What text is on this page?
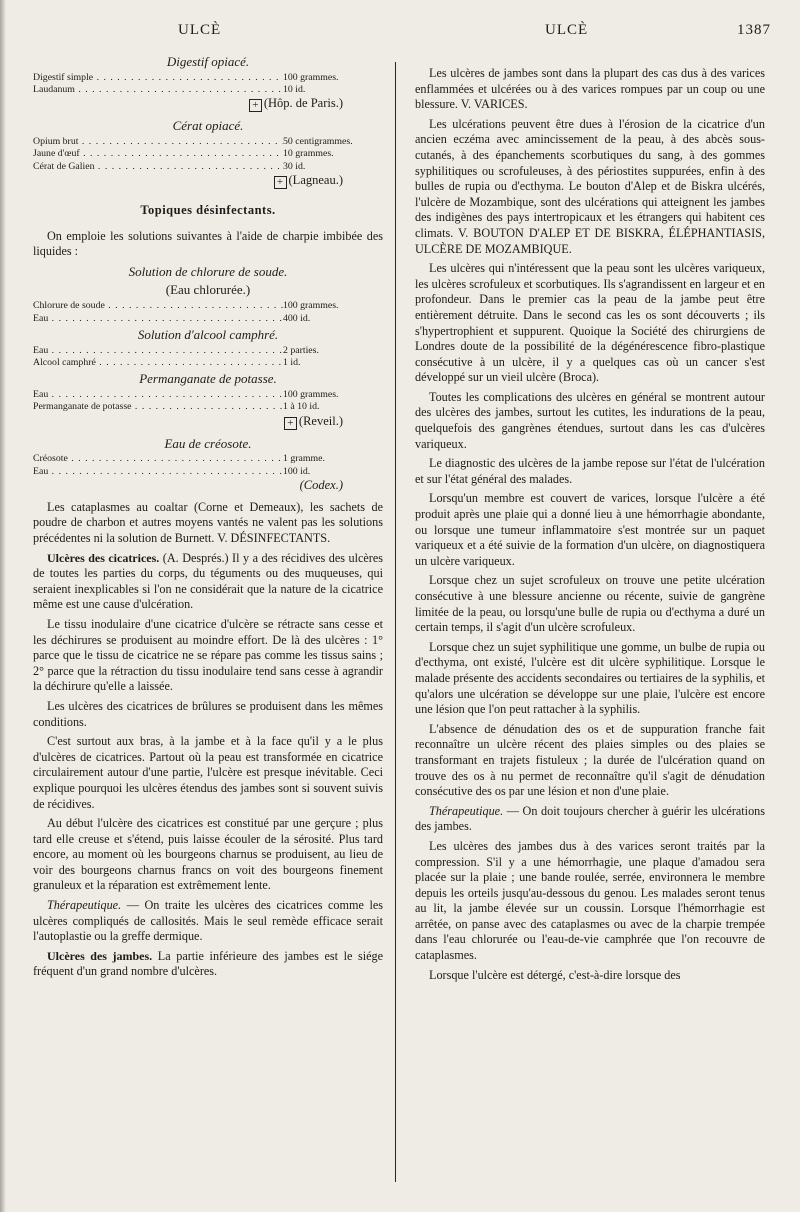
ULCÈ	ULCÈ	1387
Digestif opiacé.
Digestif simple . . .	100 grammes.
Laudanum . . .	10 id.
+ (Hôp. de Paris.)
Cérat opiacé.
Opium brut . . .	50 centigrammes.
Jaune d'œuf . . .	10 grammes.
Cérat de Galien . . .	30 id.
+ (Lagneau.)
Topiques désinfectants.

On emploie les solutions suivantes à l'aide de charpie imbibée des liquides :

Solution de chlorure de soude.
(Eau chlorurée.)
Chlorure de soude . . .	100 grammes.
Eau . . .	400 id.
Solution d'alcool camphré.
Eau . . .	2 parties.
Alcool camphré . . .	1 id.
Permanganate de potasse.
Eau . . .	100 grammes.
Permanganate de potasse . . .	1 à 10 id.
+ (Reveil.)
Eau de créosote.
Créosote . . .	1 gramme.
Eau . . .	100 id.
(Codex.)

Les cataplasmes au coaltar (Corne et Demeaux), les sachets de poudre de charbon et autres moyens vantés ne valent pas les solutions précédentes ni la solution de Burnett. V. DÉSINFECTANTS.

Ulcères des cicatrices. (A. Després.) Il y a des récidives des ulcères de toutes les parties du corps, du téguments ou des muqueuses, qui seraient inexplicables si l'on ne considérait que la nature de la cicatrice même est une cause d'ulcération.

Le tissu inodulaire d'une cicatrice d'ulcère se rétracte sans cesse et les déchirures se produisent au moindre effort. De là des ulcères : 1° parce que le tissu de cicatrice ne se répare pas comme les tissus sains ; 2° parce que la rétraction du tissu inodulaire tend sans cesse à agrandir la déchirure qu'elle a laissée.

Les ulcères des cicatrices de brûlures se produisent dans les mêmes conditions.

C'est surtout aux bras, à la jambe et à la face qu'il y a le plus d'ulcères de cicatrices. Partout où la peau est transformée en cicatrice circulairement autour d'une partie, l'ulcère est presque inévitable. Ceci explique pourquoi les ulcères étendus des jambes sont si souvent suivis de récidives.

Au début l'ulcère des cicatrices est constitué par une gerçure ; plus tard elle creuse et s'étend, puis laisse écouler de la sérosité. Plus tard encore, au moment où les bourgeons charnus se produisent, au lieu de voir des bourgeons charnus francs on voit des bourgeons finement granuleux et la réparation est extrêmement lente.

Thérapeutique. — On traite les ulcères des cicatrices comme les ulcères compliqués de callosités. Mais le seul remède efficace serait l'autoplastie ou la greffe dermique.

Ulcères des jambes. La partie inférieure des jambes est le siége fréquent d'un grand nombre d'ulcères.

Les ulcères de jambes sont dans la plupart des cas dus à des varices enflammées et ulcérées ou à des varices rompues par un coup ou une blessure. V. VARICES.

Les ulcérations peuvent être dues à l'érosion de la cicatrice d'un ancien eczéma avec amincissement de la peau, à des abcès sous-cutanés, à des épanchements scorbutiques du sang, à des gommes syphilitiques ou scrofuleuses, à des périostites suppurées, enfin à des bulles de rupia ou d'ecthyma. Le bouton d'Alep et de Biskra ulcérés, l'ulcère de Mozambique, sont des ulcérations qui atteignent les jambes des indigènes des pays intertropicaux et les étrangers qui habitent ces climats. V. BOUTON D'ALEP ET DE BISKRA, ÉLÉPHANTIASIS, ULCÈRE DE MOZAMBIQUE.

Les ulcères qui n'intéressent que la peau sont les ulcères variqueux, les ulcères scrofuleux et scorbutiques. Ils s'agrandissent en largeur et en profondeur. Dans le premier cas la peau de la jambe peut être entièrement détruite. Dans le second cas les os sont découverts ; ils s'hypertrophient et suppurent. Quoique la Société des chirurgiens de Londres doute de la possibilité de la dégénérescence fibro-plastique consécutive à un ulcère, il y a quelques cas où un cancer s'est développé sur un vieil ulcère (Broca).

Toutes les complications des ulcères en général se montrent autour des ulcères des jambes, surtout les cutites, les indurations de la peau, quelquefois des gangrènes étendues, surtout dans les cas d'ulcères variqueux.

Le diagnostic des ulcères de la jambe repose sur l'état de l'ulcération et sur l'état général des malades.

Lorsqu'un membre est couvert de varices, lorsque l'ulcère a été produit après une plaie qui a donné lieu à une hémorrhagie abondante, ou lorsque une tumeur inflammatoire s'est montrée sur un paquet variqueux et a été suivie de la formation d'un ulcère, on diagnostiquera un ulcère variqueux.

Lorsque chez un sujet scrofuleux on trouve une petite ulcération consécutive à une blessure ancienne ou récente, suivie de gangrène limitée de la peau, ou lorsqu'une bulle de rupia ou d'ecthyma a duré un certain temps, il s'agit d'un ulcère scrofuleux.

Lorsque chez un sujet syphilitique une gomme, un bulbe de rupia ou d'ecthyma, ont existé, l'ulcère est dit ulcère syphilitique. Lorsque le malade présente des accidents secondaires ou tertiaires de la syphilis, et qu'alors une ulcération se développe sur une plaie, l'ulcère est encore une lésion que l'on peut rattacher à la syphilis.

L'absence de dénudation des os et de suppuration franche fait reconnaître un ulcère récent des plaies simples ou des plaies se transformant en trajets fistuleux ; la durée de l'ulcération quand on trouve des os à nu permet de reconnaître qu'il s'agit de dénudation consécutive des os par une lésion et non d'une plaie.

Thérapeutique. — On doit toujours chercher à guérir les ulcérations des jambes.

Les ulcères des jambes dus à des varices seront traités par la compression. S'il y a une hémorrhagie, une plaque d'amadou sera placée sur la plaie ; une bande roulée, serrée, environnera le membre depuis les orteils jusqu'au-dessous du genou. Les malades seront tenus au lit, la jambe élevée sur un coussin. Lorsque l'hémorrhagie est arrêtée, on panse avec des cataplasmes ou avec de la charpie trempée dans l'eau chlorurée ou l'eau-de-vie camphrée que l'on recouvre de cataplasmes.

Lorsque l'ulcère est détergé, c'est-à-dire lorsque des
